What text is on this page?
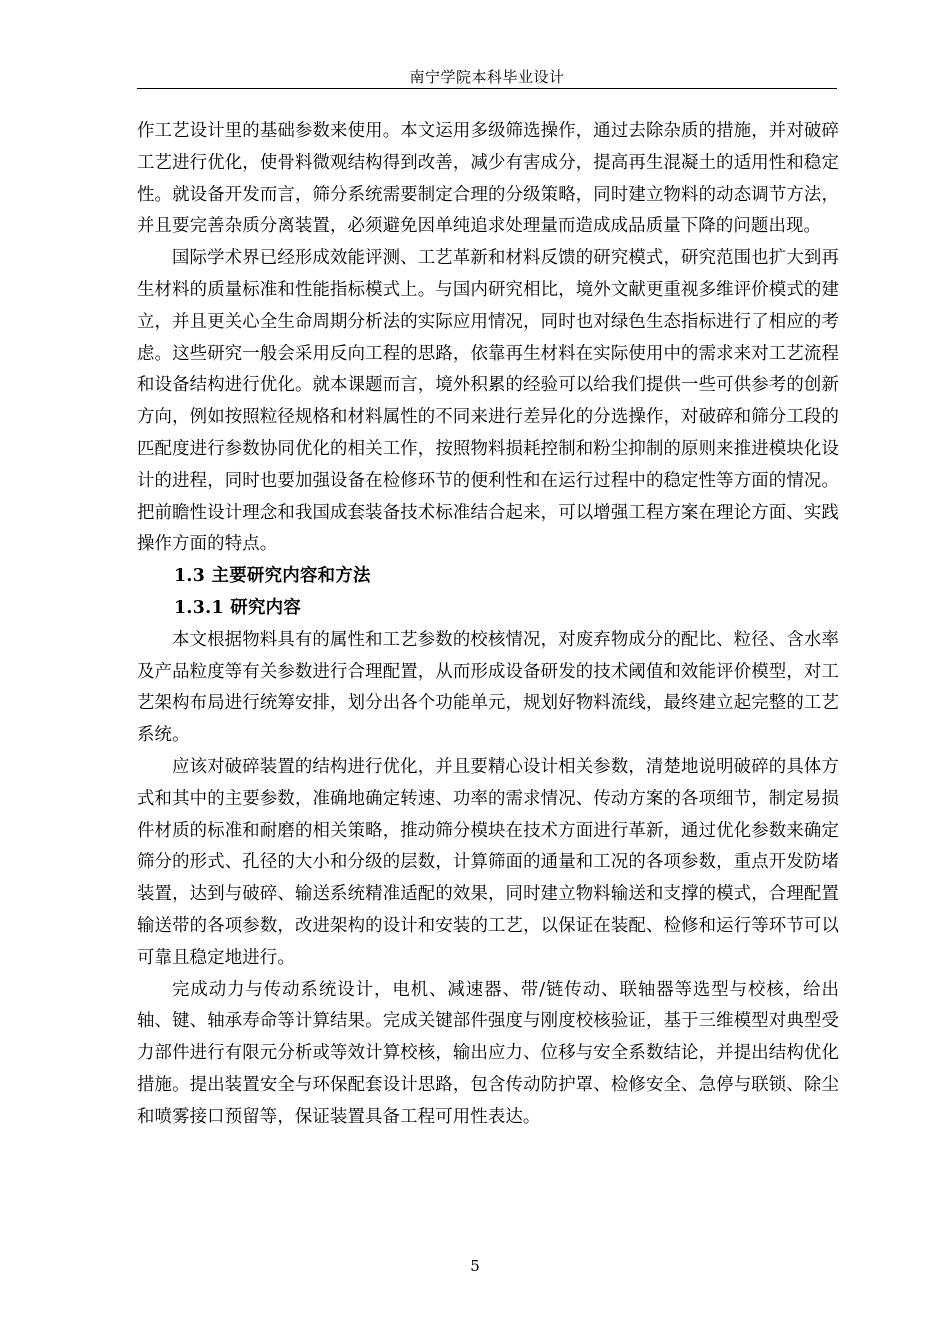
南宁学院本科毕业设计

作工艺设计里的基础参数来使用。本文运用多级筛选操作，通过去除杂质的措施，并对破碎工艺进行优化，使骨料微观结构得到改善，减少有害成分，提高再生混凝土的适用性和稳定性。就设备开发而言，筛分系统需要制定合理的分级策略，同时建立物料的动态调节方法，并且要完善杂质分离装置，必须避免因单纯追求处理量而造成成品质量下降的问题出现。

国际学术界已经形成效能评测、工艺革新和材料反馈的研究模式，研究范围也扩大到再生材料的质量标准和性能指标模式上。与国内研究相比，境外文献更重视多维评价模式的建立，并且更关心全生命周期分析法的实际应用情况，同时也对绿色生态指标进行了相应的考虑。这些研究一般会采用反向工程的思路，依靠再生材料在实际使用中的需求来对工艺流程和设备结构进行优化。就本课题而言，境外积累的经验可以给我们提供一些可供参考的创新方向，例如按照粒径规格和材料属性的不同来进行差异化的分选操作，对破碎和筛分工段的匹配度进行参数协同优化的相关工作，按照物料损耗控制和粉尘抑制的原则来推进模块化设计的进程，同时也要加强设备在检修环节的便利性和在运行过程中的稳定性等方面的情况。把前瞻性设计理念和我国成套装备技术标准结合起来，可以增强工程方案在理论方面、实践操作方面的特点。

1.3 主要研究内容和方法
1.3.1 研究内容

本文根据物料具有的属性和工艺参数的校核情况，对废弃物成分的配比、粒径、含水率及产品粒度等有关参数进行合理配置，从而形成设备研发的技术阈值和效能评价模型，对工艺架构布局进行统筹安排，划分出各个功能单元，规划好物料流线，最终建立起完整的工艺系统。

应该对破碎装置的结构进行优化，并且要精心设计相关参数，清楚地说明破碎的具体方式和其中的主要参数，准确地确定转速、功率的需求情况、传动方案的各项细节，制定易损件材质的标准和耐磨的相关策略，推动筛分模块在技术方面进行革新，通过优化参数来确定筛分的形式、孔径的大小和分级的层数，计算筛面的通量和工况的各项参数，重点开发防堵装置，达到与破碎、输送系统精准适配的效果，同时建立物料输送和支撑的模式，合理配置输送带的各项参数，改进架构的设计和安装的工艺，以保证在装配、检修和运行等环节可以可靠且稳定地进行。

完成动力与传动系统设计，电机、减速器、带/链传动、联轴器等选型与校核，给出轴、键、轴承寿命等计算结果。完成关键部件强度与刚度校核验证，基于三维模型对典型受力部件进行有限元分析或等效计算校核，输出应力、位移与安全系数结论，并提出结构优化措施。提出装置安全与环保配套设计思路，包含传动防护罩、检修安全、急停与联锁、除尘和喷雾接口预留等，保证装置具备工程可用性表达。

5
